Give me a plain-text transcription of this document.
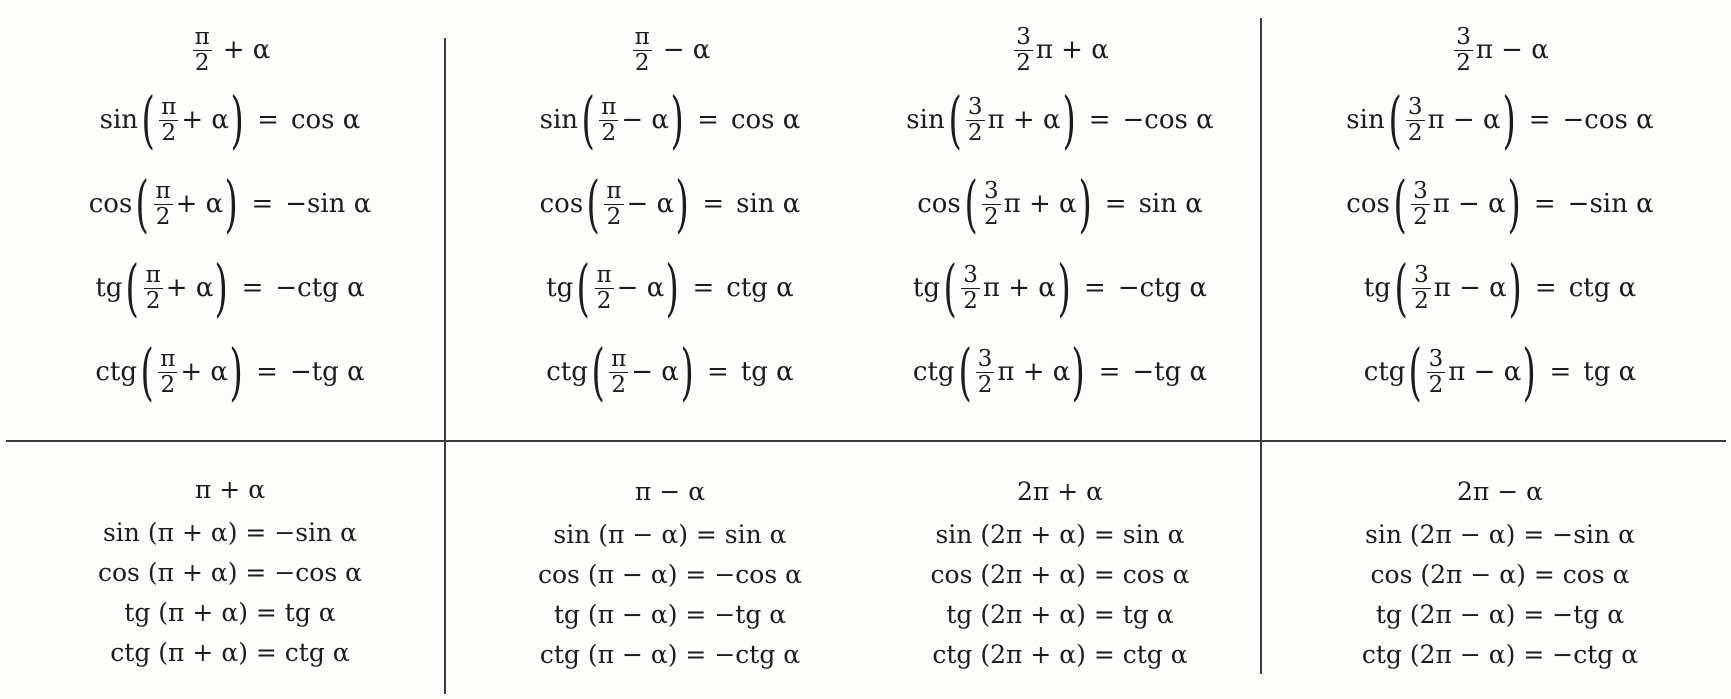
$\frac{\pi}{2} + \alpha$
sin ( $\frac{\pi}{2} + \alpha$ ) = cos α
cos ( $\frac{\pi}{2} + \alpha$ ) = −sin α
tg ( $\frac{\pi}{2} + \alpha$ ) = −ctg α
ctg ( $\frac{\pi}{2} + \alpha$ ) = −tg α
$\frac{\pi}{2} - \alpha$
sin ( $\frac{\pi}{2} - \alpha$ ) = cos α
cos ( $\frac{\pi}{2} - \alpha$ ) = sin α
tg ( $\frac{\pi}{2} - \alpha$ ) = ctg α
ctg ( $\frac{\pi}{2} - \alpha$ ) = tg α
$\frac{3}{2}$ π + α
sin ( $\frac{3}{2}$ π + α ) = −cos α
cos ( $\frac{3}{2}$ π + α ) = sin α
tg ( $\frac{3}{2}$ π + α ) = −ctg α
ctg ( $\frac{3}{2}$ π + α ) = −tg α
$\frac{3}{2}$ π − α
sin ( $\frac{3}{2}$ π − α ) = −cos α
cos ( $\frac{3}{2}$ π − α ) = −sin α
tg ( $\frac{3}{2}$ π − α ) = ctg α
ctg ( $\frac{3}{2}$ π − α ) = tg α
π + α
sin (π + α) = −sin α
cos (π + α) = −cos α
tg (π + α) = tg α
ctg (π + α) = ctg α
π − α
sin (π − α) = sin α
cos (π − α) = −cos α
tg (π − α) = −tg α
ctg (π − α) = −ctg α
2π + α
sin (2π + α) = sin α
cos (2π + α) = cos α
tg (2π + α) = tg α
ctg (2π + α) = ctg α
2π − α
sin (2π − α) = −sin α
cos (2π − α) = cos α
tg (2π − α) = −tg α
ctg (2π − α) = −ctg α
